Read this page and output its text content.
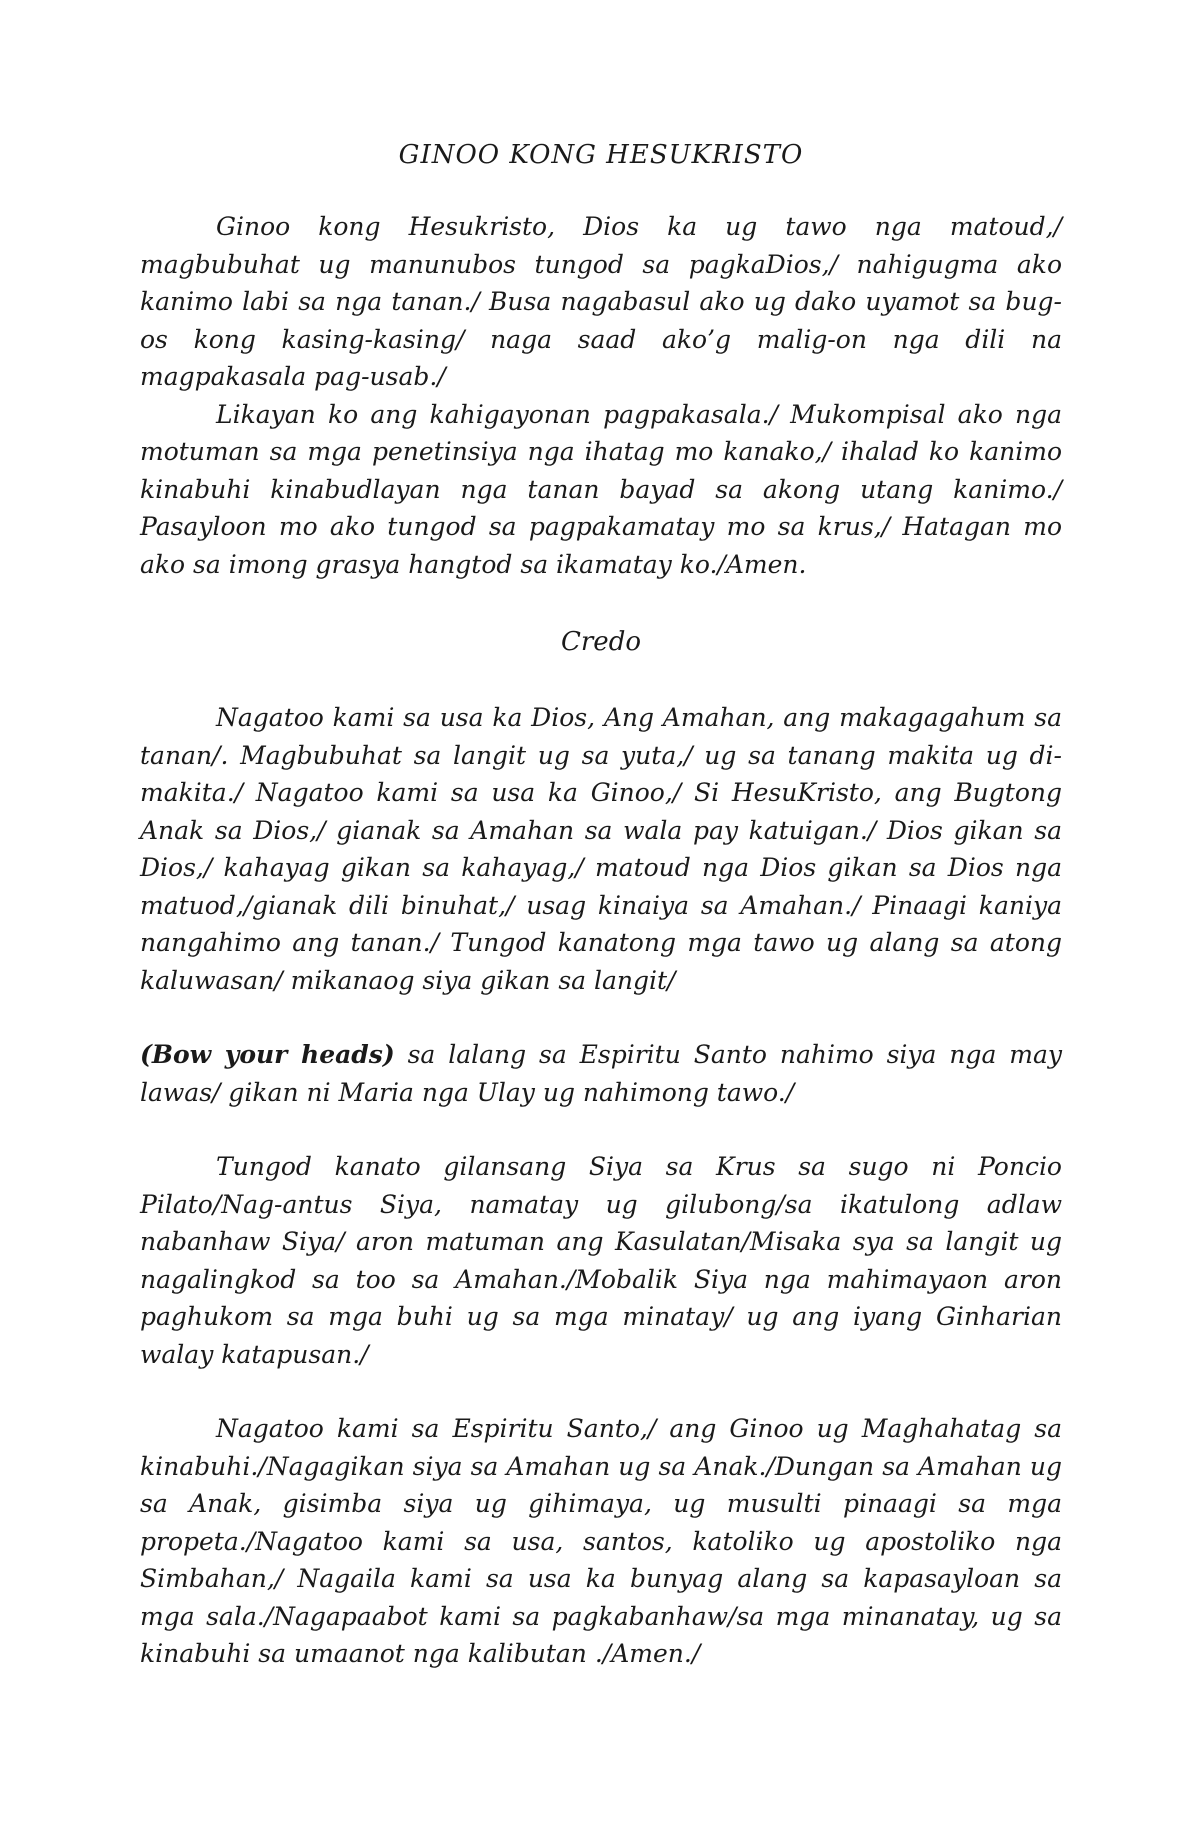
GINOO KONG HESUKRISTO

Ginoo kong Hesukristo, Dios ka ug tawo nga matoud,/ magbubuhat ug manunubos tungod sa pagkaDios,/ nahigugma ako kanimo labi sa nga tanan./ Busa nagabasul ako ug dako uyamot sa bug-os kong kasing-kasing/ naga saad ako’g malig-on nga dili na magpakasala pag-usab./

Likayan ko ang kahigayonan pagpakasala./ Mukompisal ako nga motuman sa mga penetinsiya nga ihatag mo kanako,/ ihalad ko kanimo kinabuhi kinabudlayan nga tanan bayad sa akong utang kanimo./ Pasayloon mo ako tungod sa pagpakamatay mo sa krus,/ Hatagan mo ako sa imong grasya hangtod sa ikamatay ko./Amen.

Credo

Nagatoo kami sa usa ka Dios, Ang Amahan, ang makagagahum sa tanan/. Magbubuhat sa langit ug sa yuta,/ ug sa tanang makita ug di-makita./ Nagatoo kami sa usa ka Ginoo,/ Si HesuKristo, ang Bugtong Anak sa Dios,/ gianak sa Amahan sa wala pay katuigan./ Dios gikan sa Dios,/ kahayag gikan sa kahayag,/ matoud nga Dios gikan sa Dios nga matuod,/gianak dili binuhat,/ usag kinaiya sa Amahan./ Pinaagi kaniya nangahimo ang tanan./ Tungod kanatong mga tawo ug alang sa atong kaluwasan/ mikanaog siya gikan sa langit/

(Bow your heads) sa lalang sa Espiritu Santo nahimo siya nga may lawas/ gikan ni Maria nga Ulay ug nahimong tawo./

Tungod kanato gilansang Siya sa Krus sa sugo ni Poncio Pilato/Nag-antus Siya, namatay ug gilubong/sa ikatulong adlaw nabanhaw Siya/ aron matuman ang Kasulatan/Misaka sya sa langit ug nagalingkod sa too sa Amahan./Mobalik Siya nga mahimayaon aron paghukom sa mga buhi ug sa mga minatay/ ug ang iyang Ginharian walay katapusan./

Nagatoo kami sa Espiritu Santo,/ ang Ginoo ug Maghahatag sa kinabuhi./Nagagikan siya sa Amahan ug sa Anak./Dungan sa Amahan ug sa Anak, gisimba siya ug gihimaya, ug musulti pinaagi sa mga propeta./Nagatoo kami sa usa, santos, katoliko ug apostoliko nga Simbahan,/ Nagaila kami sa usa ka bunyag alang sa kapasayloan sa mga sala./Nagapaabot kami sa pagkabanhaw/sa mga minanatay, ug sa kinabuhi sa umaanot nga kalibutan ./Amen./
